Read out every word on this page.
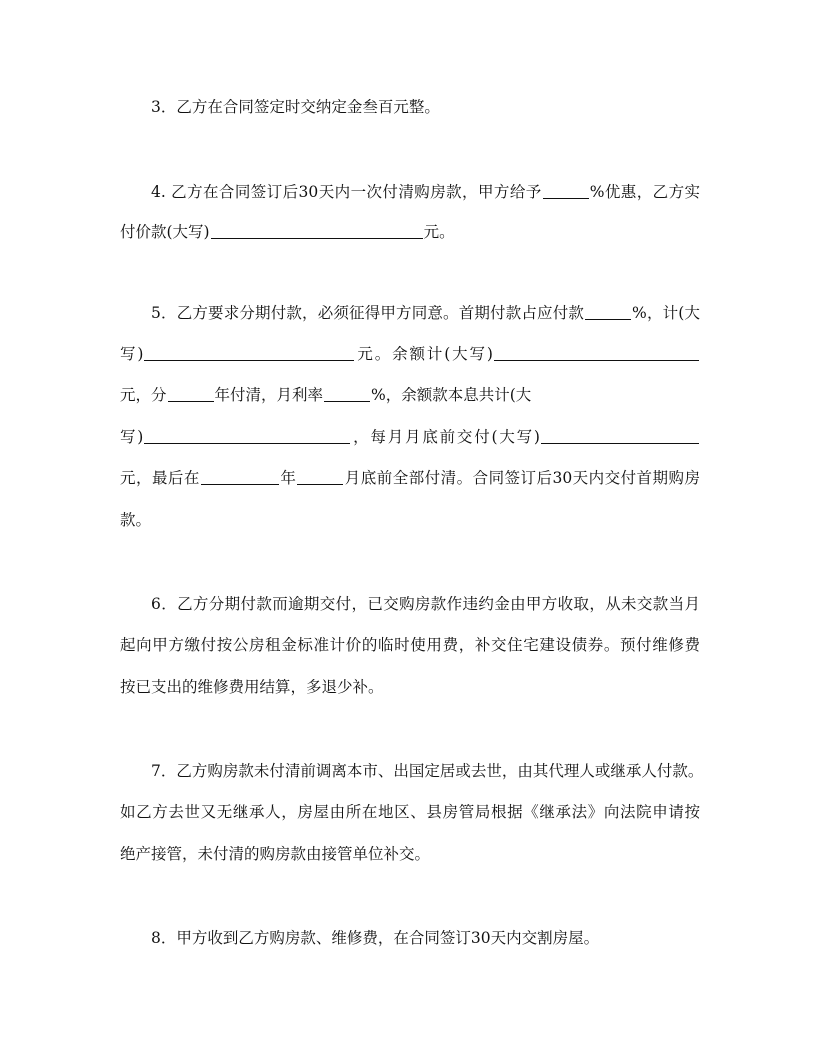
3．乙方在合同签定时交纳定金叁百元整。
4. 乙方在合同签订后30天内一次付清购房款，甲方给予	%优惠，乙方实
付价款(大写)	元。
5．乙方要求分期付款，必须征得甲方同意。首期付款占应付款	%，计(大
写)	元。余额计(大写)
元，分	年付清，月利率	%，余额款本息共计(大
写)	，每月月底前交付(大写)
元，最后在	年	月底前全部付清。合同签订后30天内交付首期购房
款。
6．乙方分期付款而逾期交付，已交购房款作违约金由甲方收取，从未交款当月
起向甲方缴付按公房租金标准计价的临时使用费，补交住宅建设债券。预付维修费
按已支出的维修费用结算，多退少补。
7．乙方购房款未付清前调离本市、出国定居或去世，由其代理人或继承人付款。
如乙方去世又无继承人，房屋由所在地区、县房管局根据《继承法》向法院申请按
绝产接管，未付清的购房款由接管单位补交。
8．甲方收到乙方购房款、维修费，在合同签订30天内交割房屋。
